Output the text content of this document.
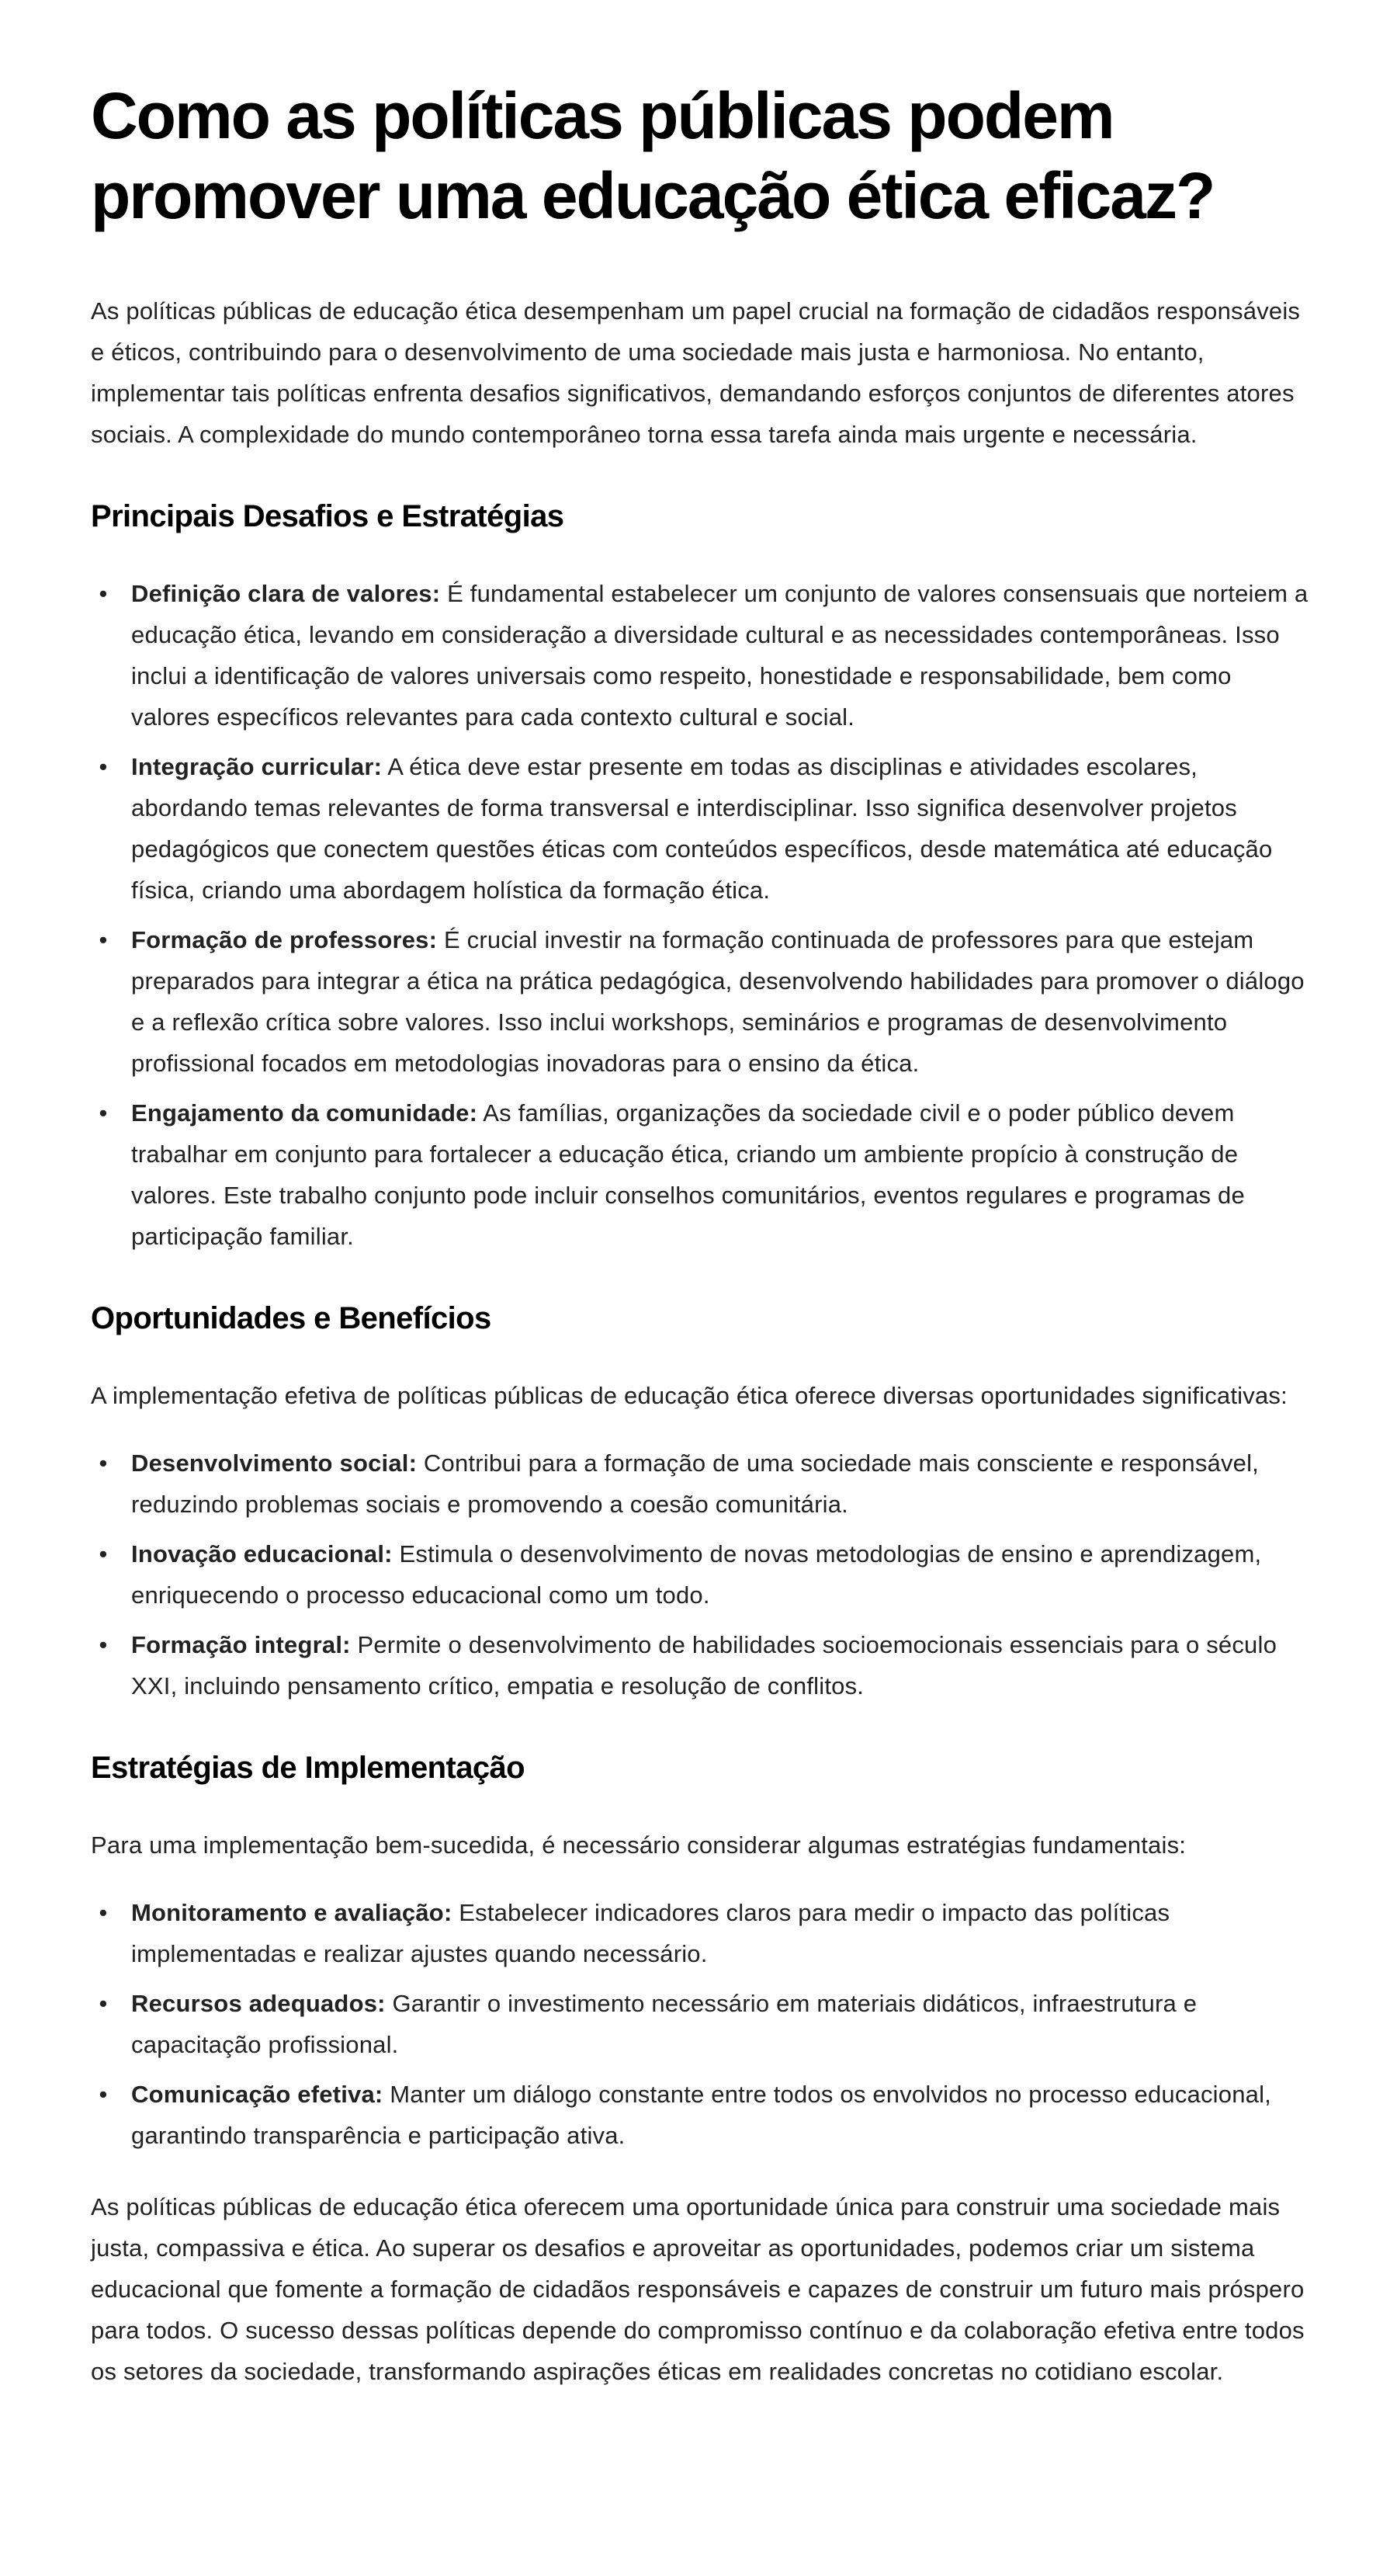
Como as políticas públicas podem promover uma educação ética eficaz?

As políticas públicas de educação ética desempenham um papel crucial na formação de cidadãos responsáveis e éticos, contribuindo para o desenvolvimento de uma sociedade mais justa e harmoniosa. No entanto, implementar tais políticas enfrenta desafios significativos, demandando esforços conjuntos de diferentes atores sociais. A complexidade do mundo contemporâneo torna essa tarefa ainda mais urgente e necessária.

Principais Desafios e Estratégias
• Definição clara de valores: É fundamental estabelecer um conjunto de valores consensuais que norteiem a educação ética, levando em consideração a diversidade cultural e as necessidades contemporâneas. Isso inclui a identificação de valores universais como respeito, honestidade e responsabilidade, bem como valores específicos relevantes para cada contexto cultural e social.
• Integração curricular: A ética deve estar presente em todas as disciplinas e atividades escolares, abordando temas relevantes de forma transversal e interdisciplinar. Isso significa desenvolver projetos pedagógicos que conectem questões éticas com conteúdos específicos, desde matemática até educação física, criando uma abordagem holística da formação ética.
• Formação de professores: É crucial investir na formação continuada de professores para que estejam preparados para integrar a ética na prática pedagógica, desenvolvendo habilidades para promover o diálogo e a reflexão crítica sobre valores. Isso inclui workshops, seminários e programas de desenvolvimento profissional focados em metodologias inovadoras para o ensino da ética.
• Engajamento da comunidade: As famílias, organizações da sociedade civil e o poder público devem trabalhar em conjunto para fortalecer a educação ética, criando um ambiente propício à construção de valores. Este trabalho conjunto pode incluir conselhos comunitários, eventos regulares e programas de participação familiar.
Oportunidades e Benefícios

A implementação efetiva de políticas públicas de educação ética oferece diversas oportunidades significativas:

• Desenvolvimento social: Contribui para a formação de uma sociedade mais consciente e responsável, reduzindo problemas sociais e promovendo a coesão comunitária.
• Inovação educacional: Estimula o desenvolvimento de novas metodologias de ensino e aprendizagem, enriquecendo o processo educacional como um todo.
• Formação integral: Permite o desenvolvimento de habilidades socioemocionais essenciais para o século XXI, incluindo pensamento crítico, empatia e resolução de conflitos.
Estratégias de Implementação

Para uma implementação bem-sucedida, é necessário considerar algumas estratégias fundamentais:

• Monitoramento e avaliação: Estabelecer indicadores claros para medir o impacto das políticas implementadas e realizar ajustes quando necessário.
• Recursos adequados: Garantir o investimento necessário em materiais didáticos, infraestrutura e capacitação profissional.
• Comunicação efetiva: Manter um diálogo constante entre todos os envolvidos no processo educacional, garantindo transparência e participação ativa.

As políticas públicas de educação ética oferecem uma oportunidade única para construir uma sociedade mais justa, compassiva e ética. Ao superar os desafios e aproveitar as oportunidades, podemos criar um sistema educacional que fomente a formação de cidadãos responsáveis e capazes de construir um futuro mais próspero para todos. O sucesso dessas políticas depende do compromisso contínuo e da colaboração efetiva entre todos os setores da sociedade, transformando aspirações éticas em realidades concretas no cotidiano escolar.
